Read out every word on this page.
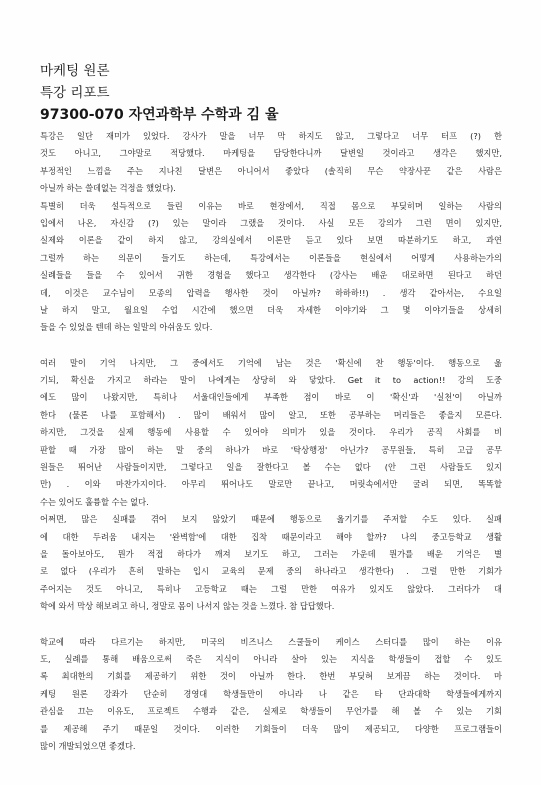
마케팅 원론
특강 리포트
97300-070 자연과학부 수학과 김 율
특강은 일단 재미가 있었다. 강사가 말을 너무 막 하지도 않고, 그렇다고 너무 터프 (?) 한
것도 아니고, 그야말로 적당했다. 마케팅을 담당한다니까 달변일 것이라고 생각은 했지만,
부정적인 느낌을 주는 지나친 달변은 아니어서 좋았다 (솔직히 무슨 약장사꾼 같은 사람은
아닐까 하는 쓸데없는 걱정을 했었다).
특별히 더욱 설득적으로 들린 이유는 바로 현장에서, 직접 몸으로 부딪히며 일하는 사람의
입에서 나온, 자신감 (?) 있는 말이라 그랬을 것이다. 사실 모든 강의가 그런 면이 있지만,
실제와 이론을 같이 하지 않고, 강의실에서 이론만 듣고 있다 보면 따분하기도 하고, 과연
그럴까 하는 의문이 들기도 하는데, 특강에서는 이론들을 현실에서 어떻게 사용하는가의
실례들을 들을 수 있어서 귀한 경험을 했다고 생각한다 (강사는 배운 대로하면 된다고 하던
데, 이것은 교수님이 모종의 압력을 행사한 것이 아닐까? 하하하!!) . 생각 같아서는, 수요일
날 하지 말고, 월요일 수업 시간에 했으면 더욱 자세한 이야기와 그 몇 이야기들을 상세히
들을 수 있었을 텐데 하는 일말의 아쉬움도 있다.
여러 말이 기억 나지만, 그 중에서도 기억에 남는 것은 '확신에 찬 행동'이다. 행동으로 옮
기되, 확신을 가지고 하라는 말이 나에게는 상당히 와 닿았다. Get it to action!! 강의 도중
에도 많이 나왔지만, 특히나 서울대인들에게 부족한 점이 바로 이 '확신'과 '실천'이 아닐까
한다 (물론 나를 포함해서) . 많이 배워서 많이 알고, 또한 공부하는 머리들은 좋을지 모른다.
하지만, 그것을 실제 행동에 사용할 수 있어야 의미가 있을 것이다. 우리가 공직 사회를 비
판할 때 가장 많이 하는 말 중의 하나가 바로 '탁상행정' 아닌가? 공무원들, 특히 고급 공무
원들은 뛰어난 사람들이지만, 그렇다고 일을 잘한다고 볼 수는 없다 (안 그런 사람들도 있지
만) . 이와 마찬가지이다. 아무리 뛰어나도 말로만 끝나고, 머릿속에서만 굴려 되면, 똑똑할
수는 있어도 훌륭할 수는 없다.
어쩌면, 많은 실패를 겪어 보지 않았기 때문에 행동으로 옮기기를 주저할 수도 있다. 실패
에 대한 두려움 내지는 '완벽함'에 대한 집착 때문이라고 해야 할까? 나의 중고등학교 생활
을 돌아보아도, 뭔가 적접 하다가 깨져 보기도 하고, 그러는 가운데 뭔가를 배운 기억은 별
로 없다 (우리가 흔히 말하는 입시 교육의 문제 중의 하나라고 생각한다) . 그럴 만한 기회가
주어지는 것도 아니고, 특히나 고등학교 때는 그럴 만한 여유가 있지도 않았다. 그러다가 대
학에 와서 막상 해보려고 하니, 정말로 몸이 나서지 않는 것을 느꼈다. 참 답답했다.
학교에 따라 다르기는 하지만, 미국의 비즈니스 스쿨들이 케이스 스터디를 많이 하는 이유
도, 실례를 통해 배움으로써 죽은 지식이 아니라 살아 있는 지식을 학생들이 접할 수 있도
록 최대한의 기회를 제공하기 위한 것이 아닐까 한다. 한번 부딪혀 보게끔 하는 것이다. 마
케팅 원론 강좌가 단순히 경영대 학생들만이 아니라 나 같은 타 단과대학 학생들에게까지
관심을 끄는 이유도, 프로젝트 수행과 같은, 실제로 학생들이 무언가를 해 볼 수 있는 기회
를 제공해 주기 때문일 것이다. 이러한 기회들이 더욱 많이 제공되고, 다양한 프로그램들이
많이 개발되었으면 좋겠다.
